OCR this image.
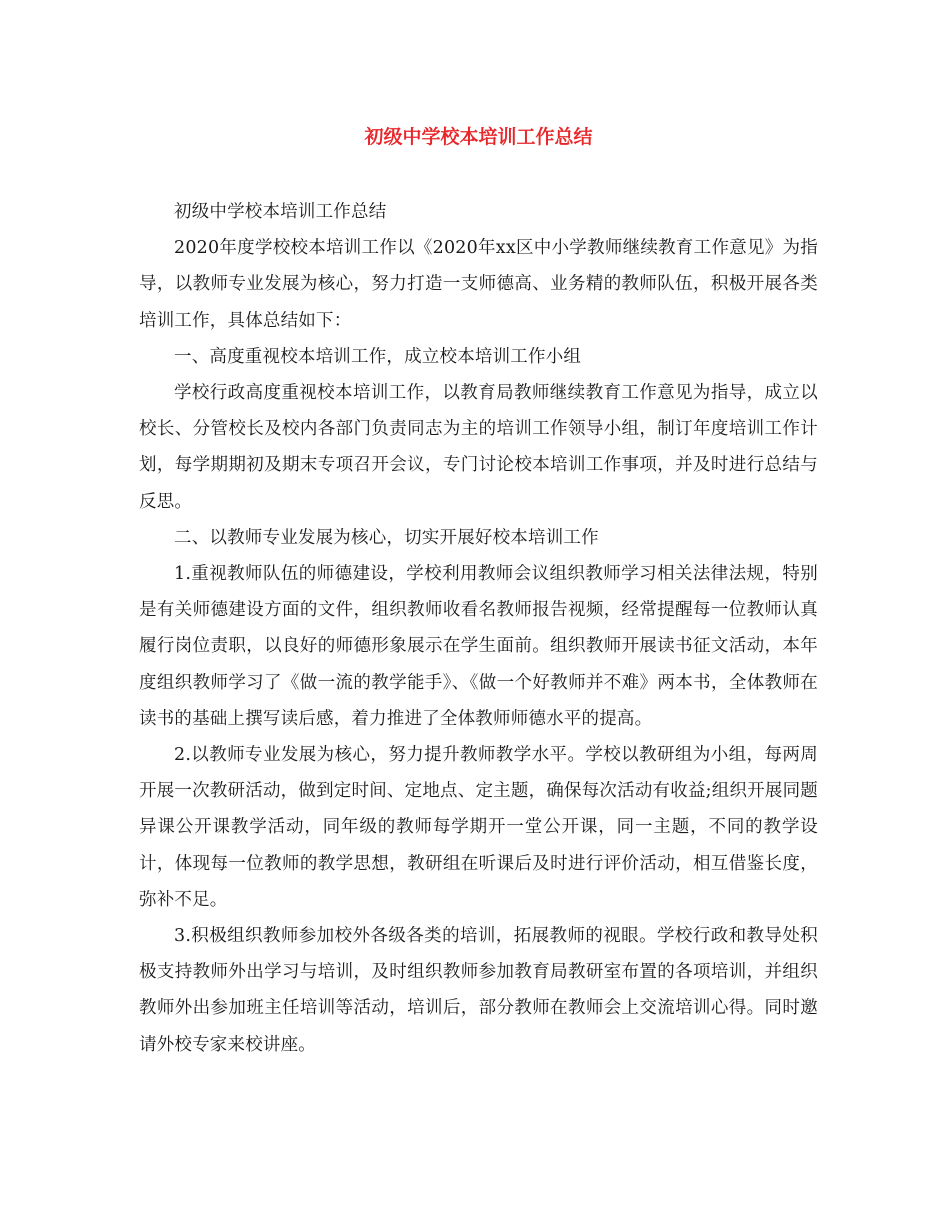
初级中学校本培训工作总结

初级中学校本培训工作总结

2020年度学校校本培训工作以《2020年xx区中小学教师继续教育工作意见》为指导，以教师专业发展为核心，努力打造一支师德高、业务精的教师队伍，积极开展各类培训工作，具体总结如下：

一、高度重视校本培训工作，成立校本培训工作小组

学校行政高度重视校本培训工作，以教育局教师继续教育工作意见为指导，成立以校长、分管校长及校内各部门负责同志为主的培训工作领导小组，制订年度培训工作计划，每学期期初及期末专项召开会议，专门讨论校本培训工作事项，并及时进行总结与反思。

二、以教师专业发展为核心，切实开展好校本培训工作

1.重视教师队伍的师德建设，学校利用教师会议组织教师学习相关法律法规，特别是有关师德建设方面的文件，组织教师收看名教师报告视频，经常提醒每一位教师认真履行岗位责职，以良好的师德形象展示在学生面前。组织教师开展读书征文活动，本年度组织教师学习了《做一流的教学能手》、《做一个好教师并不难》两本书，全体教师在读书的基础上撰写读后感，着力推进了全体教师师德水平的提高。

2.以教师专业发展为核心，努力提升教师教学水平。学校以教研组为小组，每两周开展一次教研活动，做到定时间、定地点、定主题，确保每次活动有收益;组织开展同题异课公开课教学活动，同年级的教师每学期开一堂公开课，同一主题，不同的教学设计，体现每一位教师的教学思想，教研组在听课后及时进行评价活动，相互借鉴长度，弥补不足。

3.积极组织教师参加校外各级各类的培训，拓展教师的视眼。学校行政和教导处积极支持教师外出学习与培训，及时组织教师参加教育局教研室布置的各项培训，并组织教师外出参加班主任培训等活动，培训后，部分教师在教师会上交流培训心得。同时邀请外校专家来校讲座。
